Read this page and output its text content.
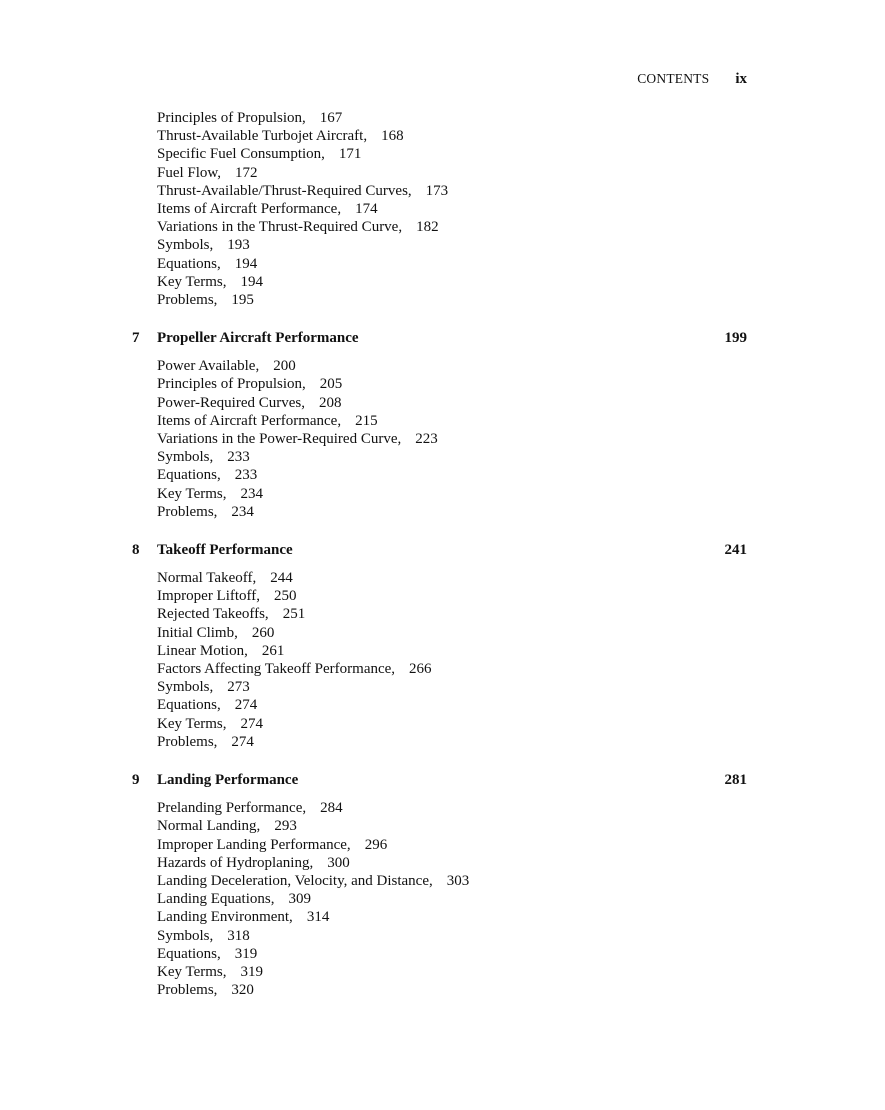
CONTENTS ix
Principles of Propulsion, 167
Thrust-Available Turbojet Aircraft, 168
Specific Fuel Consumption, 171
Fuel Flow, 172
Thrust-Available/Thrust-Required Curves, 173
Items of Aircraft Performance, 174
Variations in the Thrust-Required Curve, 182
Symbols, 193
Equations, 194
Key Terms, 194
Problems, 195
7 Propeller Aircraft Performance	199
Power Available, 200
Principles of Propulsion, 205
Power-Required Curves, 208
Items of Aircraft Performance, 215
Variations in the Power-Required Curve, 223
Symbols, 233
Equations, 233
Key Terms, 234
Problems, 234
8 Takeoff Performance	241
Normal Takeoff, 244
Improper Liftoff, 250
Rejected Takeoffs, 251
Initial Climb, 260
Linear Motion, 261
Factors Affecting Takeoff Performance, 266
Symbols, 273
Equations, 274
Key Terms, 274
Problems, 274
9 Landing Performance	281
Prelanding Performance, 284
Normal Landing, 293
Improper Landing Performance, 296
Hazards of Hydroplaning, 300
Landing Deceleration, Velocity, and Distance, 303
Landing Equations, 309
Landing Environment, 314
Symbols, 318
Equations, 319
Key Terms, 319
Problems, 320
